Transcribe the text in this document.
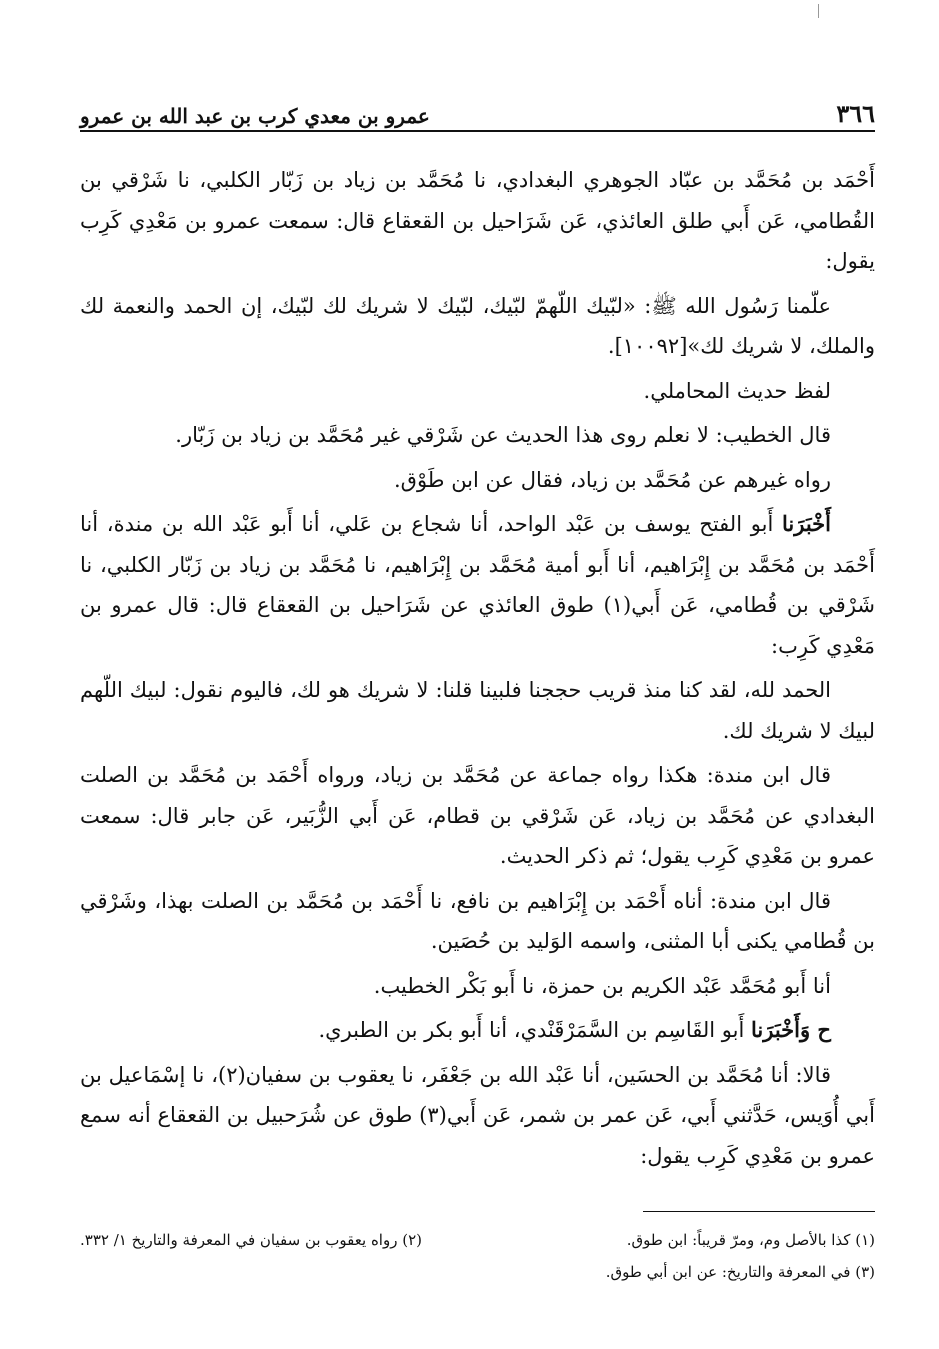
٣٦٦
عمرو بن معدي كرب بن عبد الله بن عمرو

أَحْمَد بن مُحَمَّد بن عبّاد الجوهري البغدادي، نا مُحَمَّد بن زياد بن زَبّار الكلبي، نا شَرْقي بن القُطامي، عَن أَبي طلق العائذي، عَن شَرَاحيل بن القعقاع قال: سمعت عمرو بن مَعْدِي كَرِب يقول:

علّمنا رَسُول الله ﷺ: «لبّيك اللّهمّ لبّيك، لبّيك لا شريك لك لبّيك، إن الحمد والنعمة لك والملك، لا شريك لك»[١٠٠٩٢].

لفظ حديث المحاملي.

قال الخطيب: لا نعلم روى هذا الحديث عن شَرْقي غير مُحَمَّد بن زياد بن زَبّار.

رواه غيرهم عن مُحَمَّد بن زياد، فقال عن ابن طَوْق.

أَخْبَرَنا أَبو الفتح يوسف بن عَبْد الواحد، أنا شجاع بن عَلي، أنا أَبو عَبْد الله بن مندة، أنا أَحْمَد بن مُحَمَّد بن إِبْرَاهيم، أنا أَبو أمية مُحَمَّد بن إِبْرَاهيم، نا مُحَمَّد بن زياد بن زَبّار الكلبي، نا شَرْقي بن قُطامي، عَن أَبي(١) طوق العائذي عن شَرَاحيل بن القعقاع قال: قال عمرو بن مَعْدِي كَرِب:

الحمد لله، لقد كنا منذ قريب حججنا فلبينا قلنا: لا شريك هو لك، فاليوم نقول: لبيك اللّهم لبيك لا شريك لك.

قال ابن مندة: هكذا رواه جماعة عن مُحَمَّد بن زياد، ورواه أَحْمَد بن مُحَمَّد بن الصلت البغدادي عن مُحَمَّد بن زياد، عَن شَرْقي بن قطام، عَن أَبي الزُّبَير، عَن جابر قال: سمعت عمرو بن مَعْدِي كَرِب يقول؛ ثم ذكر الحديث.

قال ابن مندة: أناه أَحْمَد بن إِبْرَاهيم بن نافع، نا أَحْمَد بن مُحَمَّد بن الصلت بهذا، وشَرْقي بن قُطامي يكنى أبا المثنى، واسمه الوَليد بن حُصَين.

أنا أَبو مُحَمَّد عَبْد الكريم بن حمزة، نا أَبو بَكْر الخطيب.

ح وَأَخْبَرَنا أَبو القَاسِم بن السَّمَرْقَنْدي، أنا أَبو بكر بن الطبري.

قالا: أنا مُحَمَّد بن الحسَين، أنا عَبْد الله بن جَعْفَر، نا يعقوب بن سفيان(٢)، نا إسْمَاعيل بن أَبي أُوَيس، حَدَّثني أَبي، عَن عمر بن شمر، عَن أَبي(٣) طوق عن شُرَحبيل بن القعقاع أنه سمع عمرو بن مَعْدِي كَرِب يقول:

(١) كذا بالأصل وم، ومرّ قريباً: ابن طوق.
(٢) رواه يعقوب بن سفيان في المعرفة والتاريخ ١/ ٣٣٢.
(٣) في المعرفة والتاريخ: عن ابن أبي طوق.
